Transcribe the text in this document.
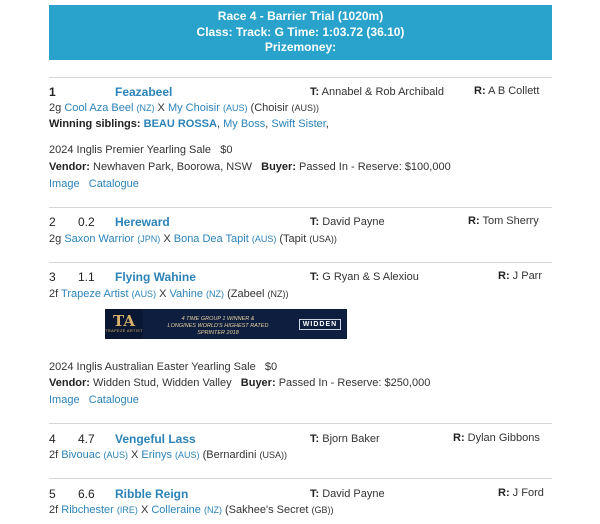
Race 4 - Barrier Trial (1020m)
Class: Track: G Time: 1:03.72 (36.10)
Prizemoney:
1	Feazabeel	T: Annabel & Rob Archibald	R: A B Collett
2g Cool Aza Beel (NZ) X My Choisir (AUS) (Choisir (AUS))
Winning siblings: BEAU ROSSA, My Boss, Swift Sister,
2024 Inglis Premier Yearling Sale   $0
Vendor: Newhaven Park, Boorowa, NSW Buyer: Passed In - Reserve: $100,000
Image Catalogue
2 0.2 Hereward	T: David Payne	R: Tom Sherry
2g Saxon Warrior (JPN) X Bona Dea Tapit (AUS) (Tapit (USA))
3 1.1 Flying Wahine	T: G Ryan & S Alexiou	R: J Parr
2f Trapeze Artist (AUS) X Vahine (NZ) (Zabeel (NZ))
TA
TRAPEZE ARTIST
4 TIME GROUP 1 WINNER &
LONGINES WORLD'S HIGHEST RATED
SPRINTER 2018
WIDDEN
2024 Inglis Australian Easter Yearling Sale   $0
Vendor: Widden Stud, Widden Valley Buyer: Passed In - Reserve: $250,000
Image Catalogue
4 4.7 Vengeful Lass	T: Bjorn Baker	R: Dylan Gibbons
2f Bivouac (AUS) X Erinys (AUS) (Bernardini (USA))
5 6.6 Ribble Reign	T: David Payne	R: J Ford
2f Ribchester (IRE) X Colleraine (NZ) (Sakhee's Secret (GB))
